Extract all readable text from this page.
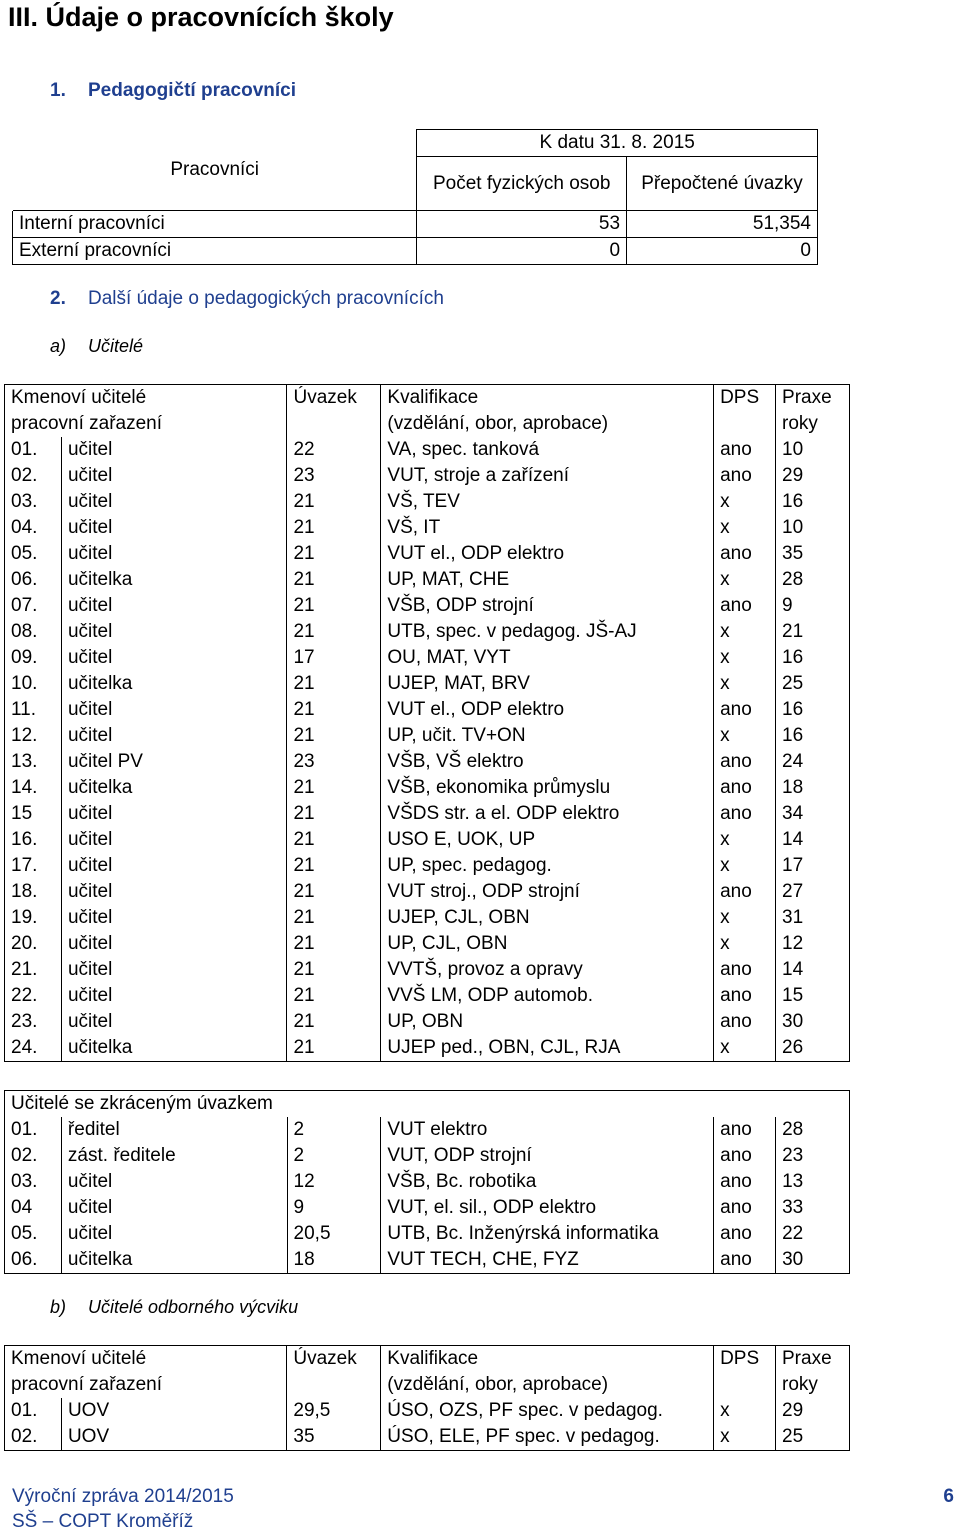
III. Údaje o pracovnících školy
1. Pedagogičtí pracovníci
Pracovníci	K datu 31. 8. 2015	
	Počet fyzických osob	Přepočtené úvazky
Interní pracovníci	53	51,354
Externí pracovníci	0	0
2. Další údaje o pedagogických pracovnících
a) Učitelé
Kmenoví učitelé
pracovní zařazení		Úvazek	Kvalifikace
(vzdělání, obor, aprobace)	DPS	Praxe
roky
01.	učitel	22	VA, spec. tanková	ano	10
02.	učitel	23	VUT, stroje a zařízení	ano	29
03.	učitel	21	VŠ, TEV	x	16
04.	učitel	21	VŠ, IT	x	10
05.	učitel	21	VUT el., ODP elektro	ano	35
06.	učitelka	21	UP, MAT, CHE	x	28
07.	učitel	21	VŠB, ODP strojní	ano	9
08.	učitel	21	UTB, spec. v pedagog. JŠ-AJ	x	21
09.	učitel	17	OU, MAT, VYT	x	16
10.	učitelka	21	UJEP, MAT, BRV	x	25
11.	učitel	21	VUT el., ODP elektro	ano	16
12.	učitel	21	UP, učit. TV+ON	x	16
13.	učitel PV	23	VŠB, VŠ elektro	ano	24
14.	učitelka	21	VŠB, ekonomika průmyslu	ano	18
15	učitel	21	VŠDS str. a el. ODP elektro	ano	34
16.	učitel	21	USO E, UOK, UP	x	14
17.	učitel	21	UP, spec. pedagog.	x	17
18.	učitel	21	VUT stroj., ODP strojní	ano	27
19.	učitel	21	UJEP, CJL, OBN	x	31
20.	učitel	21	UP, CJL, OBN	x	12
21.	učitel	21	VVTŠ, provoz a opravy	ano	14
22.	učitel	21	VVŠ LM, ODP automob.	ano	15
23.	učitel	21	UP, OBN	ano	30
24.	učitelka	21	UJEP ped., OBN, CJL, RJA	x	26
Učitelé se zkráceným úvazkem					
01.	ředitel	2	VUT elektro	ano	28
02.	zást. ředitele	2	VUT, ODP strojní	ano	23
03.	učitel	12	VŠB, Bc. robotika	ano	13
04	učitel	9	VUT, el. sil., ODP elektro	ano	33
05.	učitel	20,5	UTB, Bc. Inženýrská informatika	ano	22
06.	učitelka	18	VUT TECH, CHE, FYZ	ano	30
b) Učitelé odborného výcviku
Kmenoví učitelé
pracovní zařazení		Úvazek	Kvalifikace
(vzdělání, obor, aprobace)	DPS	Praxe
roky
01.	UOV	29,5	ÚSO, OZS, PF spec. v pedagog.	x	29
02.	UOV	35	ÚSO, ELE, PF spec. v pedagog.	x	25
Výroční zpráva 2014/2015
SŠ – COPT Kroměříž
6
